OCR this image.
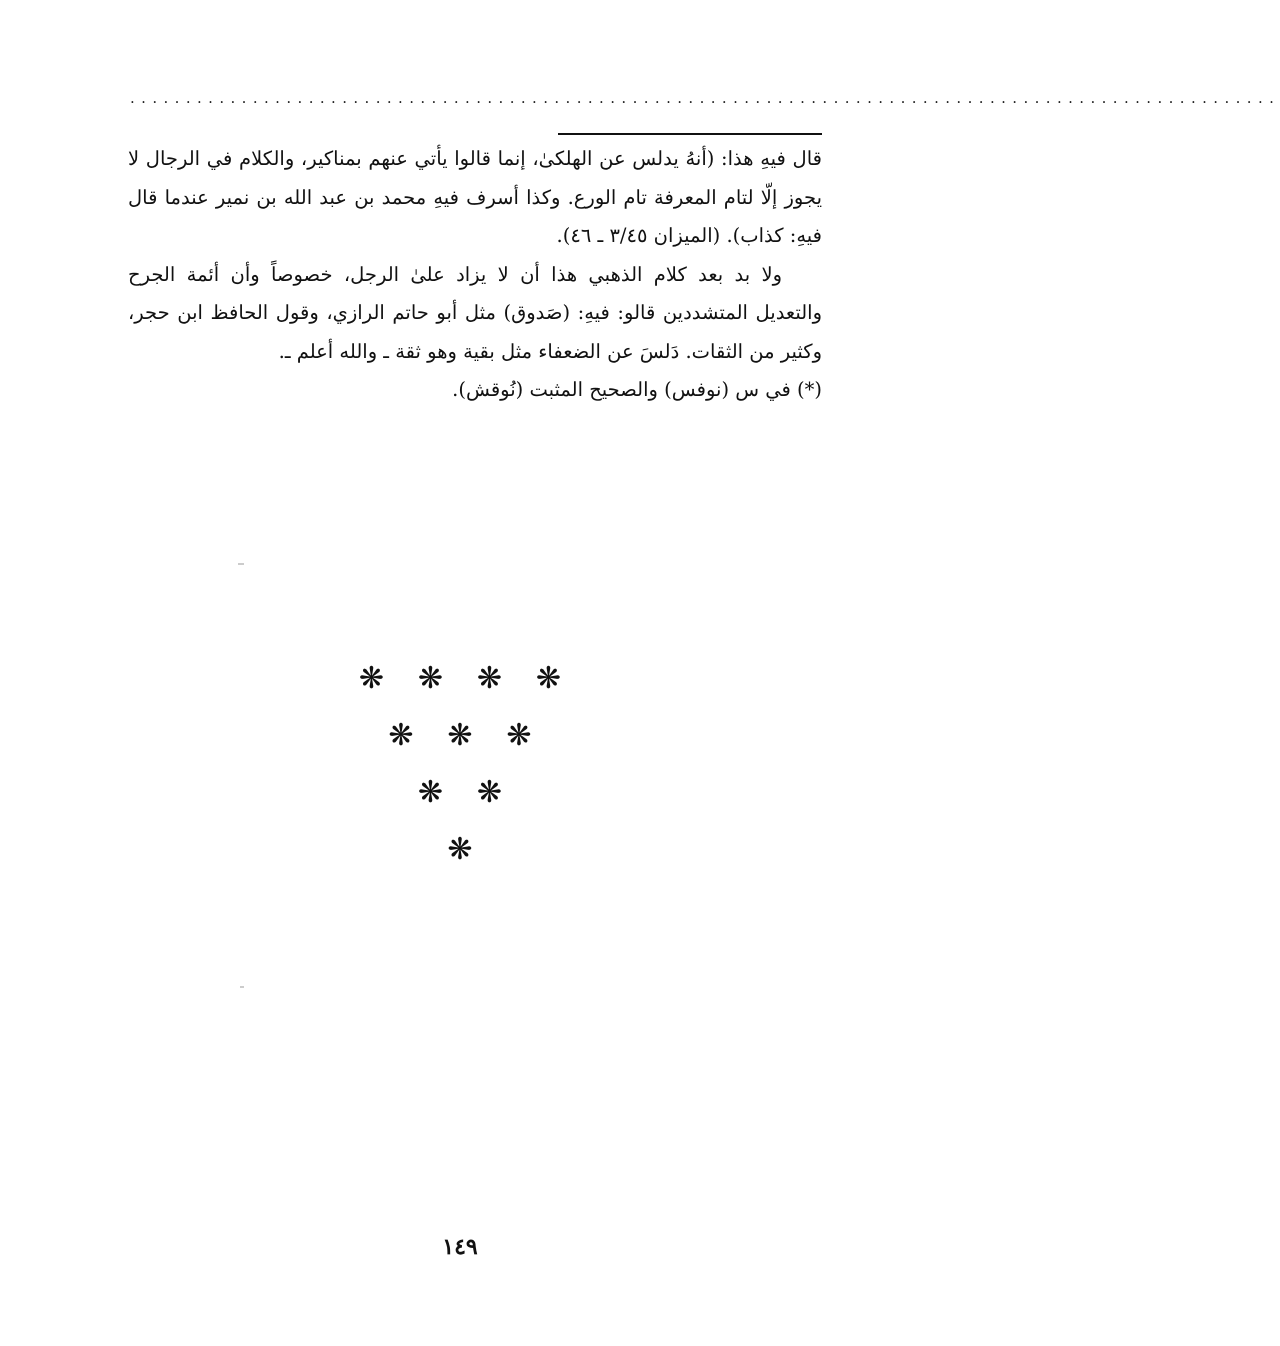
.......................................................................................................

قال فيهِ هذا: (أنهُ يدلس عن الهلكىٰ، إنما قالوا يأتي عنهم بمناكير، والكلام في الرجال لا يجوز إلّا لتام المعرفة تام الورع. وكذا أسرف فيهِ محمد بن عبد الله بن نمير عندما قال فيهِ: كذاب). (الميزان ٣/٤٥ ـ ٤٦).

ولا بد بعد كلام الذهبي هذا أن لا يزاد علىٰ الرجل، خصوصاً وأن أئمة الجرح والتعديل المتشددين قالو: فيهِ: (صَدوق) مثل أبو حاتم الرازي، وقول الحافظ ابن حجر، وكثير من الثقات. دَلسَ عن الضعفاء مثل بقية وهو ثقة ـ والله أعلم ـ.

(*) في س (نوفس) والصحيح المثبت (نُوقش).

❋ ❋ ❋ ❋
❋ ❋ ❋
❋ ❋
❋
١٤٩
